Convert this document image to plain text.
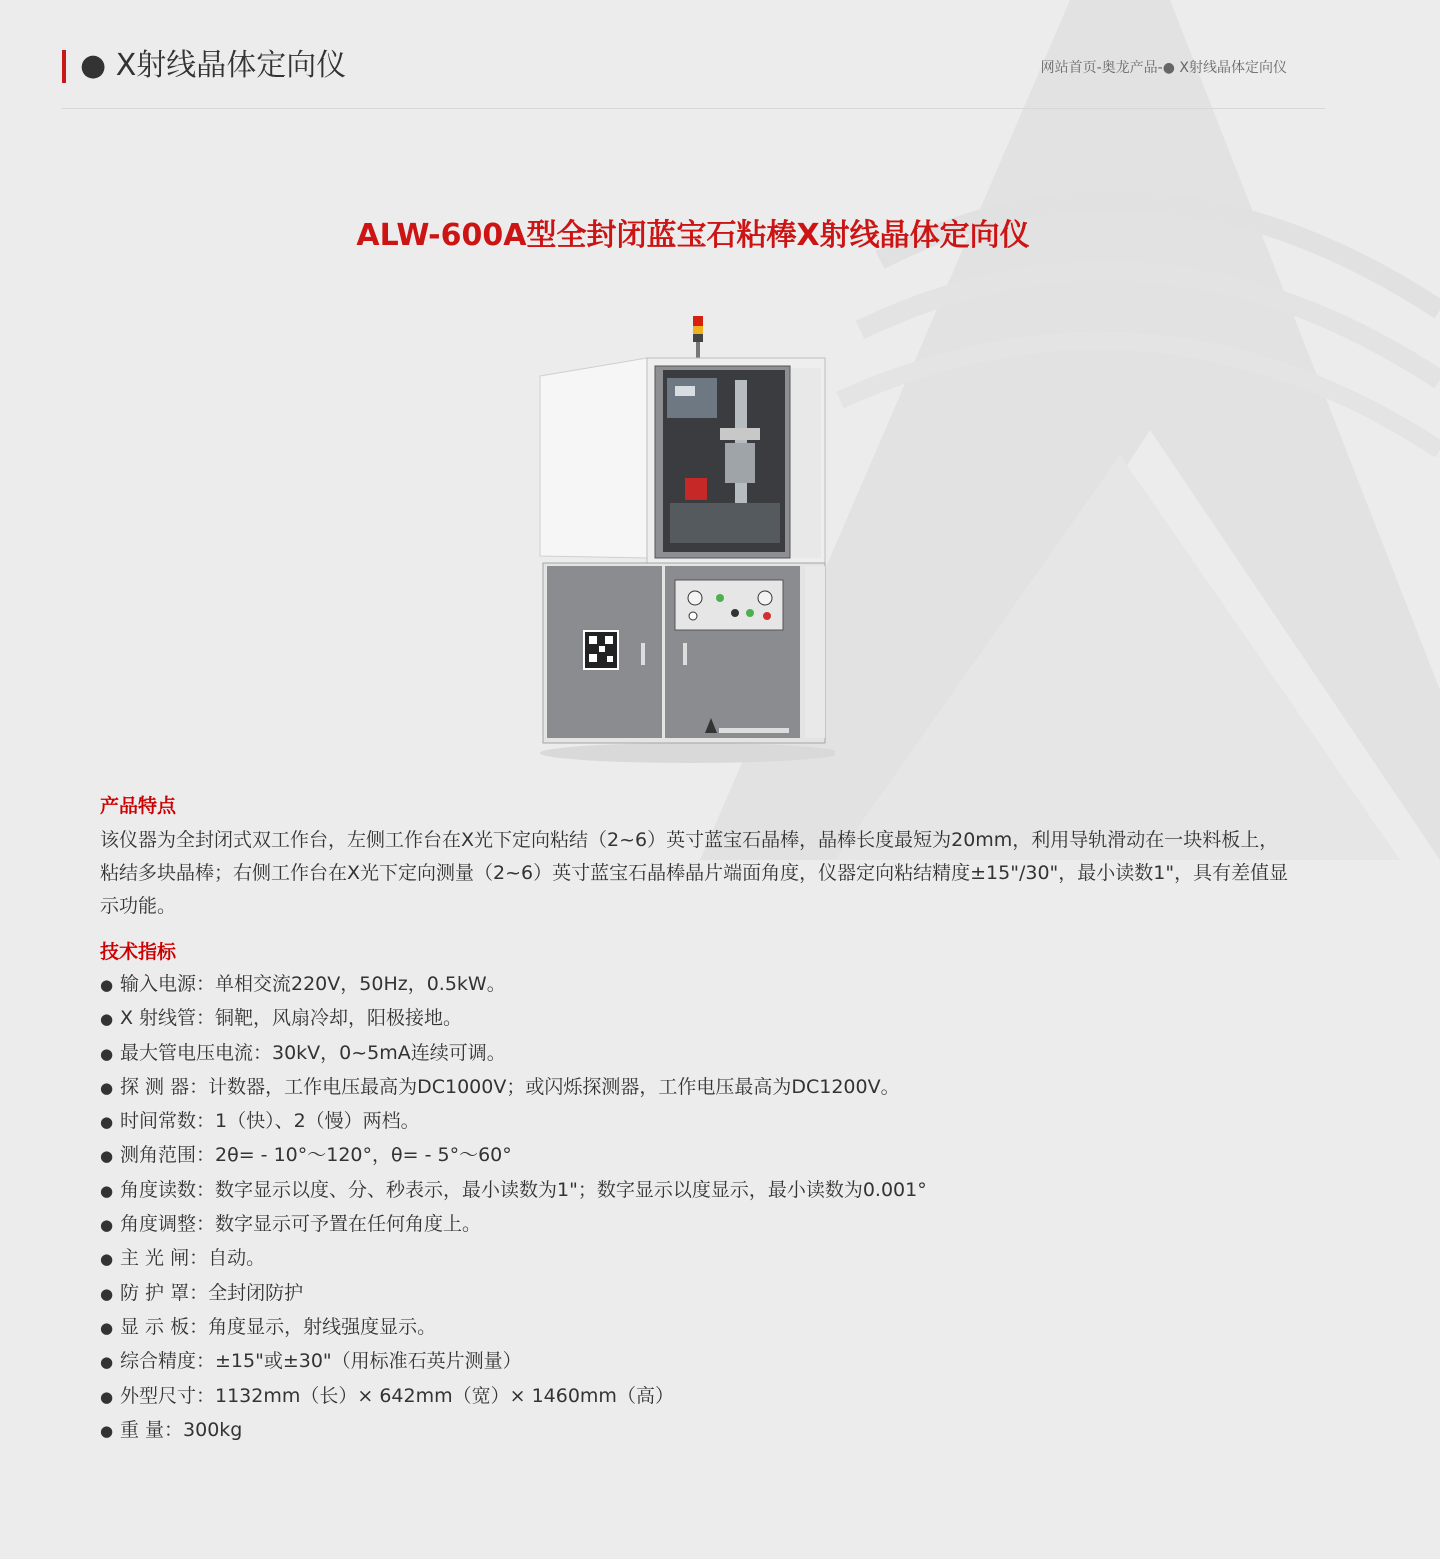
● X射线晶体定向仪	网站首页-奥龙产品-● X射线晶体定向仪
ALW-600A型全封闭蓝宝石粘棒X射线晶体定向仪
产品特点
该仪器为全封闭式双工作台，左侧工作台在X光下定向粘结（2~6）英寸蓝宝石晶棒，晶棒长度最短为20mm，利用导轨滑动在一块料板上，粘结多块晶棒；右侧工作台在X光下定向测量（2~6）英寸蓝宝石晶棒晶片端面角度，仪器定向粘结精度±15"/30"，最小读数1"，具有差值显示功能。
技术指标
● 输入电源：单相交流220V，50Hz，0.5kW。
● X 射线管：铜靶，风扇冷却，阳极接地。
● 最大管电压电流：30kV，0~5mA连续可调。
● 探 测 器：计数器，工作电压最高为DC1000V；或闪烁探测器，工作电压最高为DC1200V。
● 时间常数：1（快）、2（慢）两档。
● 测角范围：2θ= - 10°～120°，θ= - 5°～60°
● 角度读数：数字显示以度、分、秒表示，最小读数为1"；数字显示以度显示，最小读数为0.001°
● 角度调整：数字显示可予置在任何角度上。
● 主 光 闸：自动。
● 防 护 罩：全封闭防护
● 显 示 板：角度显示，射线强度显示。
● 综合精度：±15"或±30"（用标准石英片测量）
● 外型尺寸：1132mm（长）× 642mm（宽）× 1460mm（高）
● 重 量：300kg
